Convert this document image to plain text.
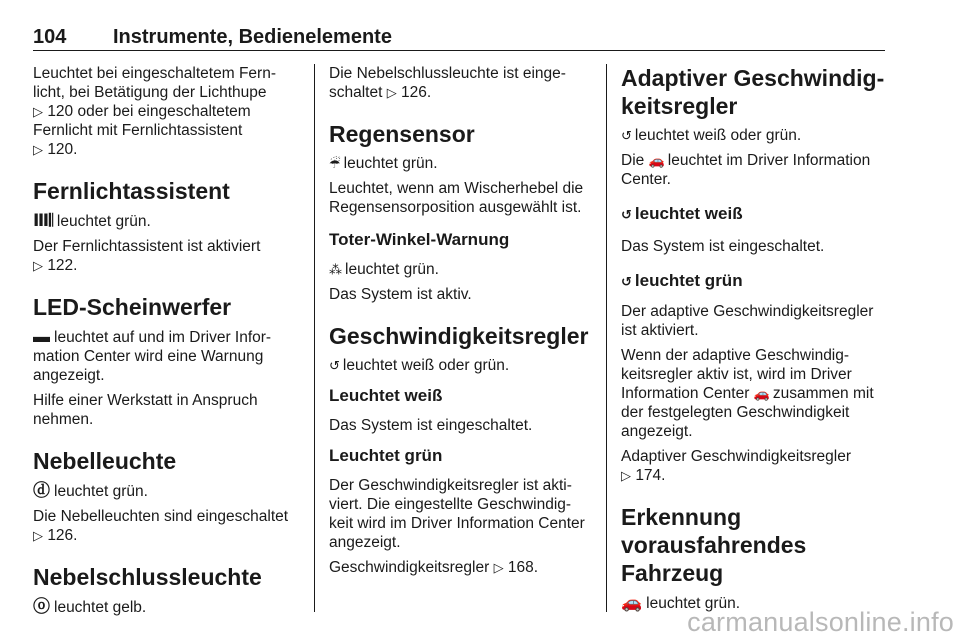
104 Instrumente, Bedienelemente

Leuchtet bei eingeschaltetem Fern-licht, bei Betätigung der Lichthupe
▷ 120 oder bei eingeschaltetem Fernlicht mit Fernlichtassistent
▷ 120.

Fernlichtassistent

Ⅲ𝄃 leuchtet grün.

Der Fernlichtassistent ist aktiviert
▷ 122.

LED-Scheinwerfer

▬ leuchtet auf und im Driver Infor-mation Center wird eine Warnung angezeigt.

Hilfe einer Werkstatt in Anspruch nehmen.

Nebelleuchte

ⓓ leuchtet grün.

Die Nebelleuchten sind eingeschaltet
▷ 126.

Nebelschlussleuchte

ⓞ leuchtet gelb.

Die Nebelschlussleuchte ist einge-schaltet ▷ 126.

Regensensor

☔ leuchtet grün.

Leuchtet, wenn am Wischerhebel die Regensensorposition ausgewählt ist.

Toter-Winkel-Warnung

⁂ leuchtet grün.

Das System ist aktiv.

Geschwindigkeitsregler

↺ leuchtet weiß oder grün.

Leuchtet weiß

Das System ist eingeschaltet.

Leuchtet grün

Der Geschwindigkeitsregler ist akti-viert. Die eingestellte Geschwindig-keit wird im Driver Information Center angezeigt.

Geschwindigkeitsregler ▷ 168.

Adaptiver Geschwindig-keitsregler

↺ leuchtet weiß oder grün.

Die 🚗 leuchtet im Driver Information Center.

↺ leuchtet weiß

Das System ist eingeschaltet.

↺ leuchtet grün

Der adaptive Geschwindigkeitsregler ist aktiviert.

Wenn der adaptive Geschwindig-keitsregler aktiv ist, wird im Driver Information Center 🚗 zusammen mit der festgelegten Geschwindigkeit angezeigt.

Adaptiver Geschwindigkeitsregler
▷ 174.

Erkennung vorausfahrendes Fahrzeug

🚗 leuchtet grün.

carmanualsonline.info
